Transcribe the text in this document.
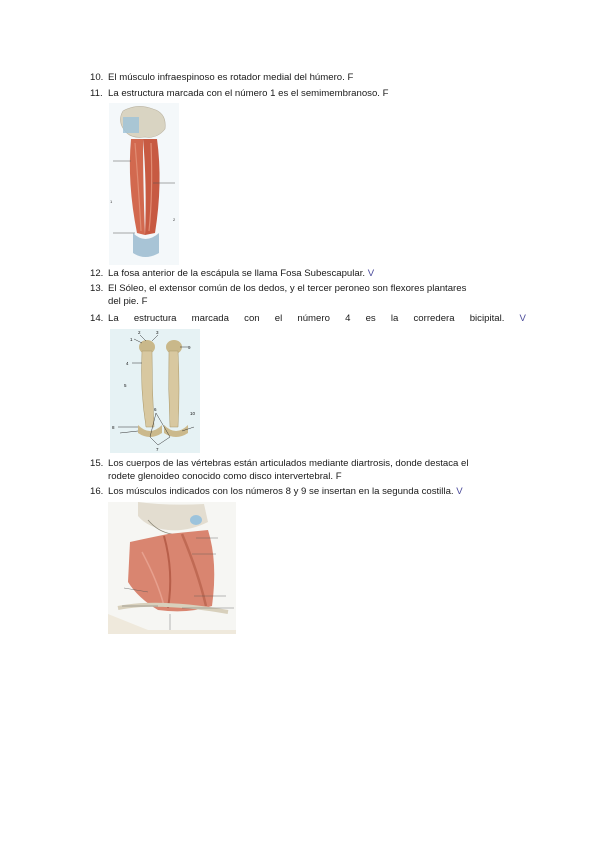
10. El músculo infraespinoso es rotador medial del húmero. F
11. La estructura marcada con el número 1 es el semimembranoso. F
1
2
12. La fosa anterior de la escápula se llama Fosa Subescapular. V
13. El Sóleo, el extensor común de los dedos, y el tercer peroneo son flexores plantares
del pie. F
14. La estructura marcada con el número 4 es la corredera bicipital. V
1
2	3
4
5
6
7
8
9
10
15. Los cuerpos de las vértebras están articulados mediante diartrosis, donde destaca el
rodete glenoideo conocido como disco intervertebral. F
16. Los músculos indicados con los números 8 y 9 se insertan en la segunda costilla. V
